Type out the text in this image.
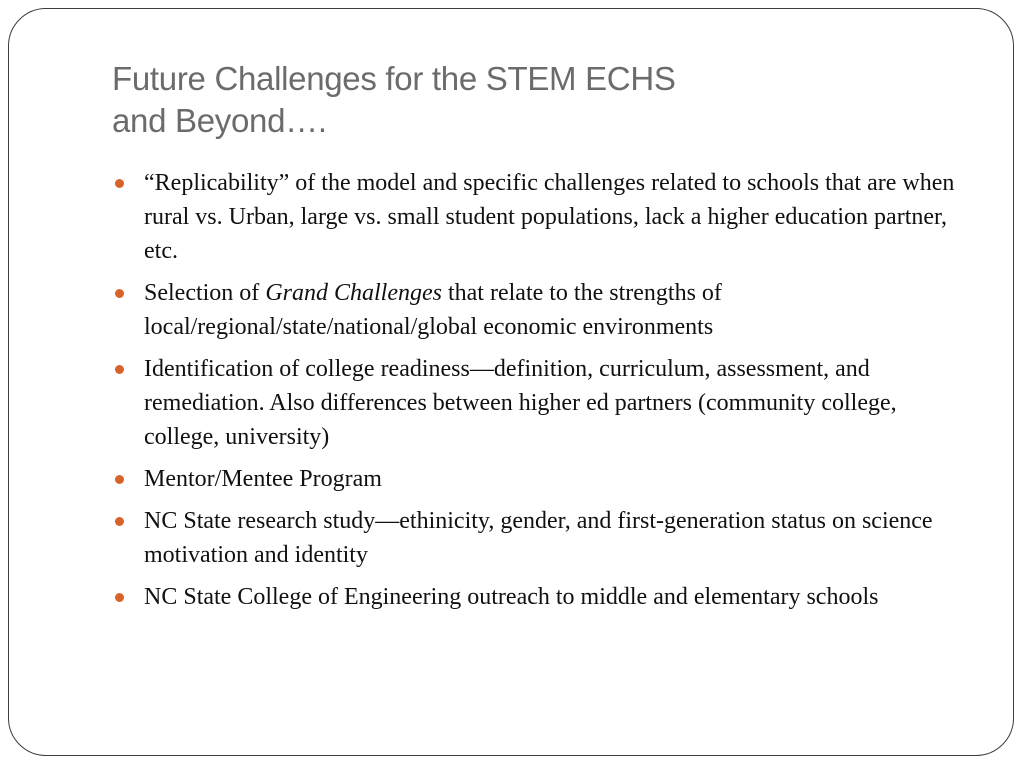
Future Challenges for the STEM ECHS
and Beyond….
“Replicability” of the model and specific challenges related to schools that are when rural vs. Urban, large vs. small student populations, lack a higher education partner, etc.
Selection of Grand Challenges that relate to the strengths of local/regional/state/national/global economic environments
Identification of college readiness—definition, curriculum, assessment, and remediation. Also differences between higher ed partners (community college, college, university)
Mentor/Mentee Program
NC State research study—ethinicity, gender, and first-generation status on science motivation and identity
NC State College of Engineering outreach to middle and elementary schools
